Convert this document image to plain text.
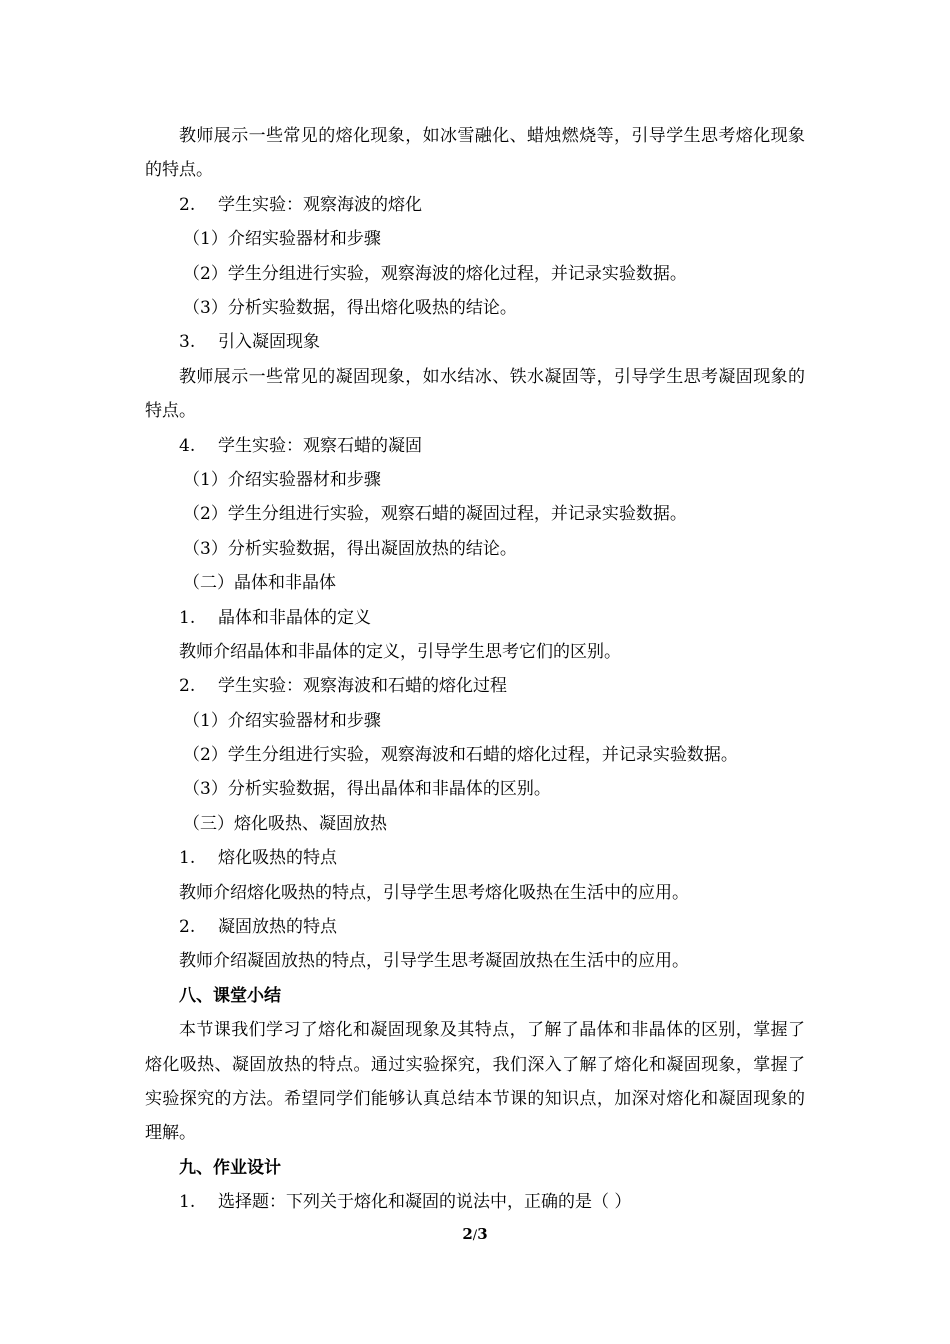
教师展示一些常见的熔化现象，如冰雪融化、蜡烛燃烧等，引导学生思考熔化现象的特点。
2. 学生实验：观察海波的熔化
（1）介绍实验器材和步骤
（2）学生分组进行实验，观察海波的熔化过程，并记录实验数据。
（3）分析实验数据，得出熔化吸热的结论。
3. 引入凝固现象
教师展示一些常见的凝固现象，如水结冰、铁水凝固等，引导学生思考凝固现象的特点。
4. 学生实验：观察石蜡的凝固
（1）介绍实验器材和步骤
（2）学生分组进行实验，观察石蜡的凝固过程，并记录实验数据。
（3）分析实验数据，得出凝固放热的结论。
（二）晶体和非晶体
1. 晶体和非晶体的定义
教师介绍晶体和非晶体的定义，引导学生思考它们的区别。
2. 学生实验：观察海波和石蜡的熔化过程
（1）介绍实验器材和步骤
（2）学生分组进行实验，观察海波和石蜡的熔化过程，并记录实验数据。
（3）分析实验数据，得出晶体和非晶体的区别。
（三）熔化吸热、凝固放热
1. 熔化吸热的特点
教师介绍熔化吸热的特点，引导学生思考熔化吸热在生活中的应用。
2. 凝固放热的特点
教师介绍凝固放热的特点，引导学生思考凝固放热在生活中的应用。
八、课堂小结
本节课我们学习了熔化和凝固现象及其特点，了解了晶体和非晶体的区别，掌握了熔化吸热、凝固放热的特点。通过实验探究，我们深入了解了熔化和凝固现象，掌握了实验探究的方法。希望同学们能够认真总结本节课的知识点，加深对熔化和凝固现象的理解。
九、作业设计
1. 选择题：下列关于熔化和凝固的说法中，正确的是（ ）
2/3
